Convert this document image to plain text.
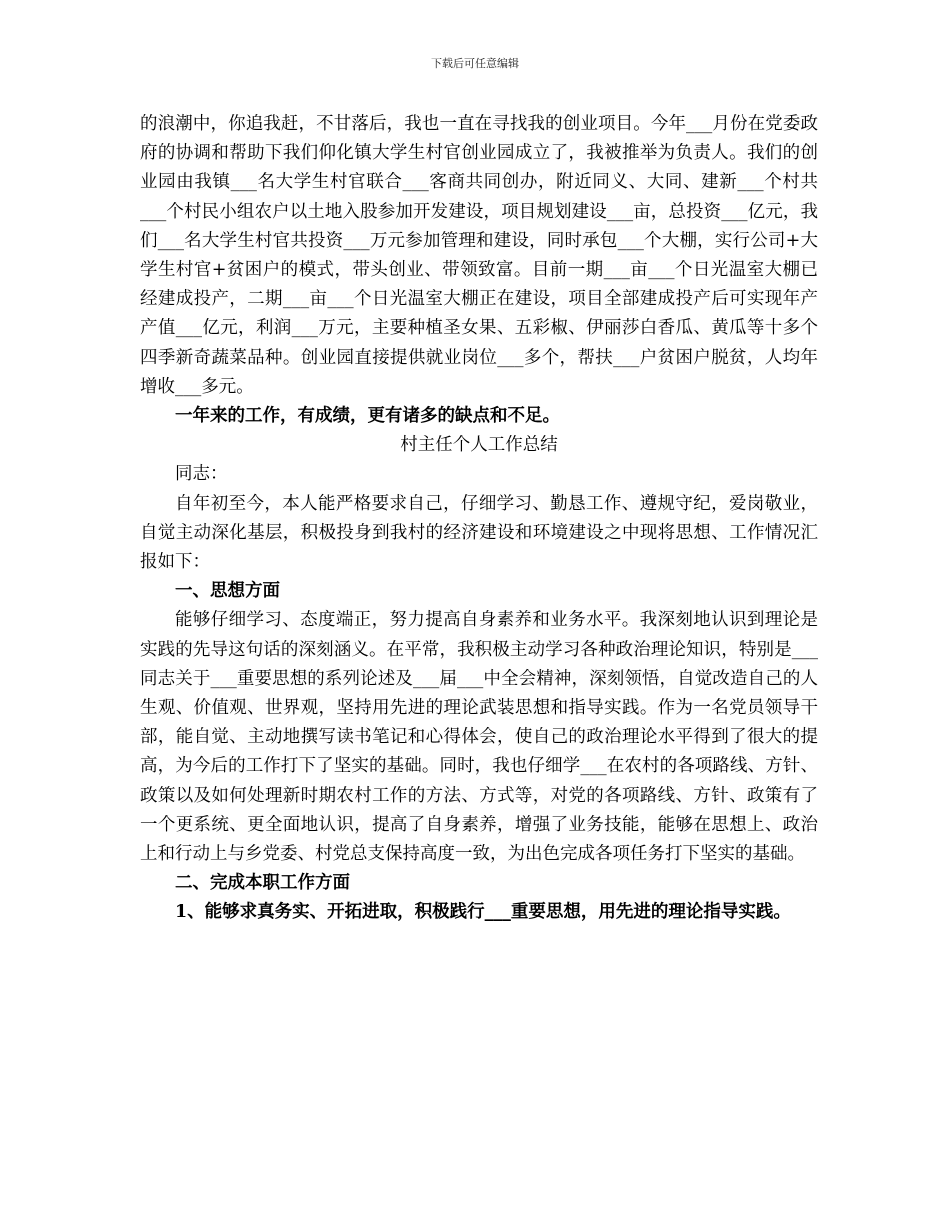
下载后可任意编辑

的浪潮中，你追我赶，不甘落后，我也一直在寻找我的创业项目。今年___月份在党委政府的协调和帮助下我们仰化镇大学生村官创业园成立了，我被推举为负责人。我们的创业园由我镇___名大学生村官联合___客商共同创办，附近同义、大同、建新___个村共___个村民小组农户以土地入股参加开发建设，项目规划建设___亩，总投资___亿元，我们___名大学生村官共投资___万元参加管理和建设，同时承包___个大棚，实行公司+大学生村官+贫困户的模式，带头创业、带领致富。目前一期___亩___个日光温室大棚已经建成投产，二期___亩___个日光温室大棚正在建设，项目全部建成投产后可实现年产产值___亿元，利润___万元，主要种植圣女果、五彩椒、伊丽莎白香瓜、黄瓜等十多个四季新奇蔬菜品种。创业园直接提供就业岗位___多个，帮扶___户贫困户脱贫，人均年增收___多元。

一年来的工作，有成绩，更有诸多的缺点和不足。

村主任个人工作总结

同志：

自年初至今，本人能严格要求自己，仔细学习、勤恳工作、遵规守纪，爱岗敬业，自觉主动深化基层，积极投身到我村的经济建设和环境建设之中现将思想、工作情况汇报如下：

一、思想方面

能够仔细学习、态度端正，努力提高自身素养和业务水平。我深刻地认识到理论是实践的先导这句话的深刻涵义。在平常，我积极主动学习各种政治理论知识，特别是___同志关于___重要思想的系列论述及___届___中全会精神，深刻领悟，自觉改造自己的人生观、价值观、世界观，坚持用先进的理论武装思想和指导实践。作为一名党员领导干部，能自觉、主动地撰写读书笔记和心得体会，使自己的政治理论水平得到了很大的提高，为今后的工作打下了坚实的基础。同时，我也仔细学___在农村的各项路线、方针、政策以及如何处理新时期农村工作的方法、方式等，对党的各项路线、方针、政策有了一个更系统、更全面地认识，提高了自身素养，增强了业务技能，能够在思想上、政治上和行动上与乡党委、村党总支保持高度一致，为出色完成各项任务打下坚实的基础。

二、完成本职工作方面

1、能够求真务实、开拓进取，积极践行___重要思想，用先进的理论指导实践。
